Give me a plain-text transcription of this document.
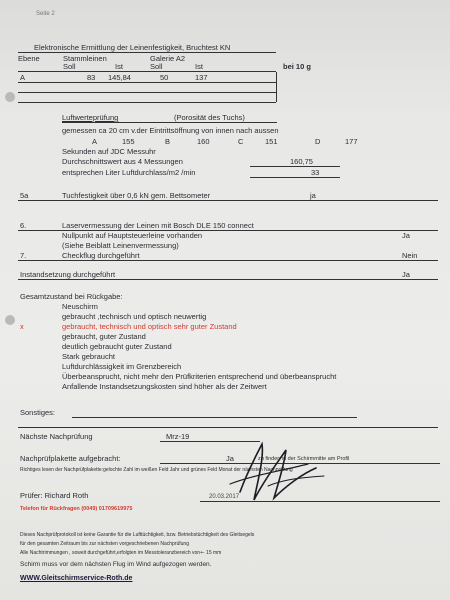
Seite 2
Elektronische Ermittlung der Leinenfestigkeit, Bruchtest KN
Ebene	Stammleinen	Galerie A2
Soll	Ist	Soll	Ist	bei 10 g
A	83 145,84	50	137
Luftwerteprüfung	(Porosität des Tuchs)
gemessen ca 20 cm v.der Eintrittsöffnung von innen nach aussen
A	155	B	160	C	151	D	177
Sekunden auf JDC Messuhr
Durchschnittswert aus 4 Messungen	160,75
entsprechen Liter Luftdurchlass/m2 /min	33
5a	Tuchfestigkeit über 0,6 kN gem. Bettsometer	ja
6.	Laservermessung der Leinen mit Bosch DLE 150 connect
Nullpunkt auf Hauptsteuerleine vorhanden	Ja
(Siehe Beiblatt Leinenvermessung)
7.	Checkflug durchgeführt	Nein
Instandsetzung durchgeführt	Ja
Gesamtzustand bei Rückgabe:
Neuschirm
gebraucht ,technisch und optisch neuwertig
x	gebraucht, technisch und optisch sehr guter Zustand
gebraucht, guter Zustand
deutlich gebraucht guter Zustand
Stark gebraucht
Luftdurchlässigkeit im Grenzbereich
Überbeansprucht, nicht mehr den Prüfkriterien entsprechend und überbeansprucht
Anfallende Instandsetzungskosten sind höher als der Zeitwert
Sonstiges:
Nächste Nachprüfung	Mrz-19
Nachprüfplakette aufgebracht:	Ja	zu finden in der Schirmmitte am Profil
Richtiges lesen der Nachprüfplakette:gelochte Zahl im weißen Feld Jahr und grünes Feld Monat der nächsten Nachprüfung
Prüfer: Richard Roth	20.03.2017
Telefon für Rückfragen (0049) 01709619975
Dieses Nachprüfprotokoll ist keine Garantie für die Lufttüchtigkeit, bzw. Betriebstüchtigkeit des Gleitsegels
für den gesamten Zeitraum bis zur nächsten vorgeschriebenen Nachprüfung
Alle Nachtrimmungen , soweit durchgeführt,erfolgten im Messtoleranzbereich von+- 15 mm
Schirm muss vor dem nächsten Flug im Wind aufgezogen werden.
WWW.Gleitschirmservice-Roth.de
